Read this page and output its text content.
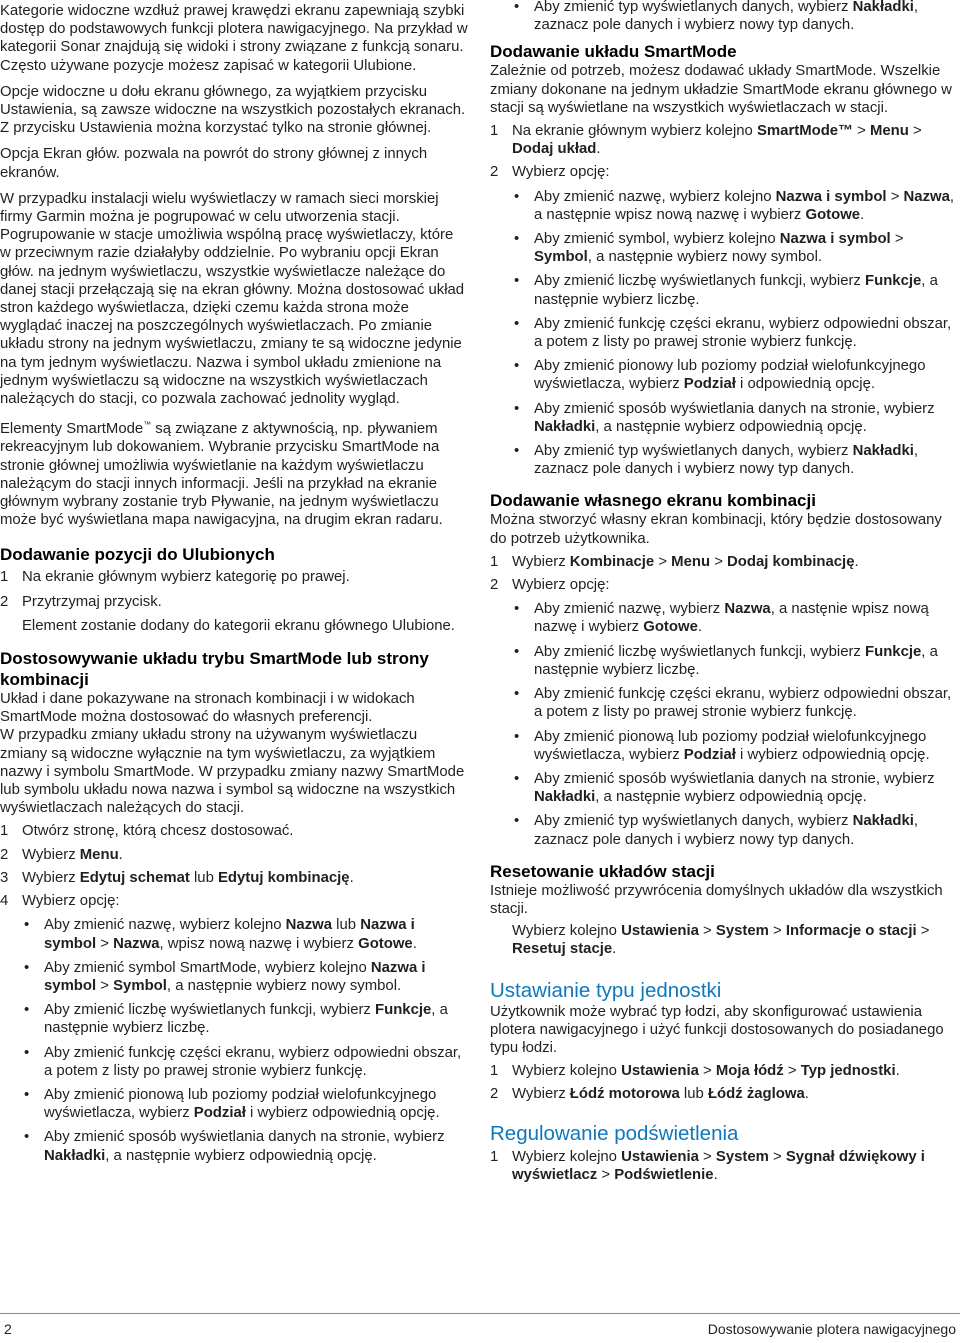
Kategorie widoczne wzdłuż prawej krawędzi ekranu zapewniają szybki dostęp do podstawowych funkcji plotera nawigacyjnego. Na przykład w kategorii Sonar znajdują się widoki i strony związane z funkcją sonaru. Często używane pozycje możesz zapisać w kategorii Ulubione.

Opcje widoczne u dołu ekranu głównego, za wyjątkiem przycisku Ustawienia, są zawsze widoczne na wszystkich pozostałych ekranach. Z przycisku Ustawienia można korzystać tylko na stronie głównej.

Opcja Ekran głów. pozwala na powrót do strony głównej z innych ekranów.

W przypadku instalacji wielu wyświetlaczy w ramach sieci morskiej firmy Garmin można je pogrupować w celu utworzenia stacji. Pogrupowanie w stacje umożliwia wspólną pracę wyświetlaczy, które w przeciwnym razie działałyby oddzielnie. Po wybraniu opcji Ekran głów. na jednym wyświetlaczu, wszystkie wyświetlacze należące do danej stacji przełączają się na ekran główny. Można dostosować układ stron każdego wyświetlacza, dzięki czemu każda strona może wyglądać inaczej na poszczególnych wyświetlaczach. Po zmianie układu strony na jednym wyświetlaczu, zmiany te są widoczne jedynie na tym jednym wyświetlaczu. Nazwa i symbol układu zmienione na jednym wyświetlaczu są widoczne na wszystkich wyświetlaczach należących do stacji, co pozwala zachować jednolity wygląd.

Elementy SmartMode™ są związane z aktywnością, np. pływaniem rekreacyjnym lub dokowaniem. Wybranie przycisku SmartMode na stronie głównej umożliwia wyświetlanie na każdym wyświetlaczu należącym do stacji innych informacji. Jeśli na przykład na ekranie głównym wybrany zostanie tryb Pływanie, na jednym wyświetlaczu może być wyświetlana mapa nawigacyjna, na drugim ekran radaru.

Dodawanie pozycji do Ulubionych
1 Na ekranie głównym wybierz kategorię po prawej.
2 Przytrzymaj przycisk.

Element zostanie dodany do kategorii ekranu głównego Ulubione.

Dostosowywanie układu trybu SmartMode lub strony kombinacji

Układ i dane pokazywane na stronach kombinacji i w widokach SmartMode można dostosować do własnych preferencji.

W przypadku zmiany układu strony na używanym wyświetlaczu zmiany są widoczne wyłącznie na tym wyświetlaczu, za wyjątkiem nazwy i symbolu SmartMode. W przypadku zmiany nazwy SmartMode lub symbolu układu nowa nazwa i symbol są widoczne na wszystkich wyświetlaczach należących do stacji.

1 Otwórz stronę, którą chcesz dostosować.
2 Wybierz Menu.
3 Wybierz Edytuj schemat lub Edytuj kombinację.
4 Wybierz opcję:
• Aby zmienić nazwę, wybierz kolejno Nazwa lub Nazwa i symbol > Nazwa, wpisz nową nazwę i wybierz Gotowe.
• Aby zmienić symbol SmartMode, wybierz kolejno Nazwa i symbol > Symbol, a następnie wybierz nowy symbol.
• Aby zmienić liczbę wyświetlanych funkcji, wybierz Funkcje, a następnie wybierz liczbę.
• Aby zmienić funkcję części ekranu, wybierz odpowiedni obszar, a potem z listy po prawej stronie wybierz funkcję.
• Aby zmienić pionową lub poziomy podział wielofunkcyjnego wyświetlacza, wybierz Podział i wybierz odpowiednią opcję.
• Aby zmienić sposób wyświetlania danych na stronie, wybierz Nakładki, a następnie wybierz odpowiednią opcję.
• Aby zmienić typ wyświetlanych danych, wybierz Nakładki, zaznacz pole danych i wybierz nowy typ danych.
Dodawanie układu SmartMode

Zależnie od potrzeb, możesz dodawać układy SmartMode. Wszelkie zmiany dokonane na jednym układzie SmartMode ekranu głównego w stacji są wyświetlane na wszystkich wyświetlaczach w stacji.

1 Na ekranie głównym wybierz kolejno SmartMode™ > Menu > Dodaj układ.
2 Wybierz opcję:
• Aby zmienić nazwę, wybierz kolejno Nazwa i symbol > Nazwa, a następnie wpisz nową nazwę i wybierz Gotowe.
• Aby zmienić symbol, wybierz kolejno Nazwa i symbol > Symbol, a następnie wybierz nowy symbol.
• Aby zmienić liczbę wyświetlanych funkcji, wybierz Funkcje, a następnie wybierz liczbę.
• Aby zmienić funkcję części ekranu, wybierz odpowiedni obszar, a potem z listy po prawej stronie wybierz funkcję.
• Aby zmienić pionowy lub poziomy podział wielofunkcyjnego wyświetlacza, wybierz Podział i odpowiednią opcję.
• Aby zmienić sposób wyświetlania danych na stronie, wybierz Nakładki, a następnie wybierz odpowiednią opcję.
• Aby zmienić typ wyświetlanych danych, wybierz Nakładki, zaznacz pole danych i wybierz nowy typ danych.
Dodawanie własnego ekranu kombinacji

Można stworzyć własny ekran kombinacji, który będzie dostosowany do potrzeb użytkownika.

1 Wybierz Kombinacje > Menu > Dodaj kombinację.
2 Wybierz opcję:
• Aby zmienić nazwę, wybierz Nazwa, a nastęnie wpisz nową nazwę i wybierz Gotowe.
• Aby zmienić liczbę wyświetlanych funkcji, wybierz Funkcje, a następnie wybierz liczbę.
• Aby zmienić funkcję części ekranu, wybierz odpowiedni obszar, a potem z listy po prawej stronie wybierz funkcję.
• Aby zmienić pionową lub poziomy podział wielofunkcyjnego wyświetlacza, wybierz Podział i wybierz odpowiednią opcję.
• Aby zmienić sposób wyświetlania danych na stronie, wybierz Nakładki, a następnie wybierz odpowiednią opcję.
• Aby zmienić typ wyświetlanych danych, wybierz Nakładki, zaznacz pole danych i wybierz nowy typ danych.
Resetowanie układów stacji

Istnieje możliwość przywrócenia domyślnych układów dla wszystkich stacji.

Wybierz kolejno Ustawienia > System > Informacje o stacji > Resetuj stacje.

Ustawianie typu jednostki

Użytkownik może wybrać typ łodzi, aby skonfigurować ustawienia plotera nawigacyjnego i użyć funkcji dostosowanych do posiadanego typu łodzi.

1 Wybierz kolejno Ustawienia > Moja łódź > Typ jednostki.
2 Wybierz Łódź motorowa lub Łódź żaglowa.
Regulowanie podświetlenia
1 Wybierz kolejno Ustawienia > System > Sygnał dźwiękowy i wyświetlacz > Podświetlenie.
2	Dostosowywanie plotera nawigacyjnego
